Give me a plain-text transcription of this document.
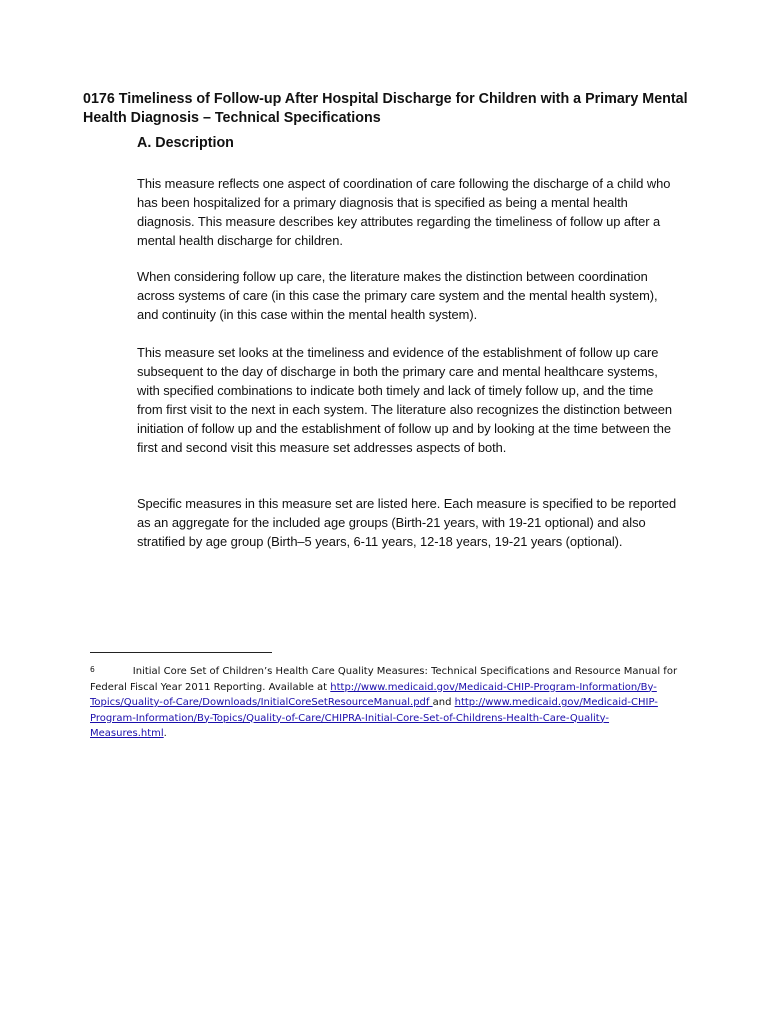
0176 Timeliness of Follow-up After Hospital Discharge for Children with a Primary Mental Health Diagnosis – Technical Specifications
A. Description

This measure reflects one aspect of coordination of care following the discharge of a child who has been hospitalized for a primary diagnosis that is specified as being a mental health diagnosis. This measure describes key attributes regarding the timeliness of follow up after a mental health discharge for children.

When considering follow up care, the literature makes the distinction between coordination across systems of care (in this case the primary care system and the mental health system), and continuity (in this case within the mental health system).

This measure set looks at the timeliness and evidence of the establishment of follow up care subsequent to the day of discharge in both the primary care and mental healthcare systems, with specified combinations to indicate both timely and lack of timely follow up, and the time from first visit to the next in each system. The literature also recognizes the distinction between initiation of follow up and the establishment of follow up and by looking at the time between the first and second visit this measure set addresses aspects of both.

Specific measures in this measure set are listed here. Each measure is specified to be reported as an aggregate for the included age groups (Birth-21 years, with 19-21 optional) and also stratified by age group (Birth–5 years, 6-11 years, 12-18 years, 19-21 years (optional).

$^6$	Initial Core Set of Children’s Health Care Quality Measures: Technical Specifications and Resource Manual for Federal Fiscal Year 2011 Reporting. Available at http://www.medicaid.gov/Medicaid-CHIP-Program-Information/By-Topics/Quality-of-Care/Downloads/InitialCoreSetResourceManual.pdf and http://www.medicaid.gov/Medicaid-CHIP-Program-Information/By-Topics/Quality-of-Care/CHIPRA-Initial-Core-Set-of-Childrens-Health-Care-Quality-Measures.html.
